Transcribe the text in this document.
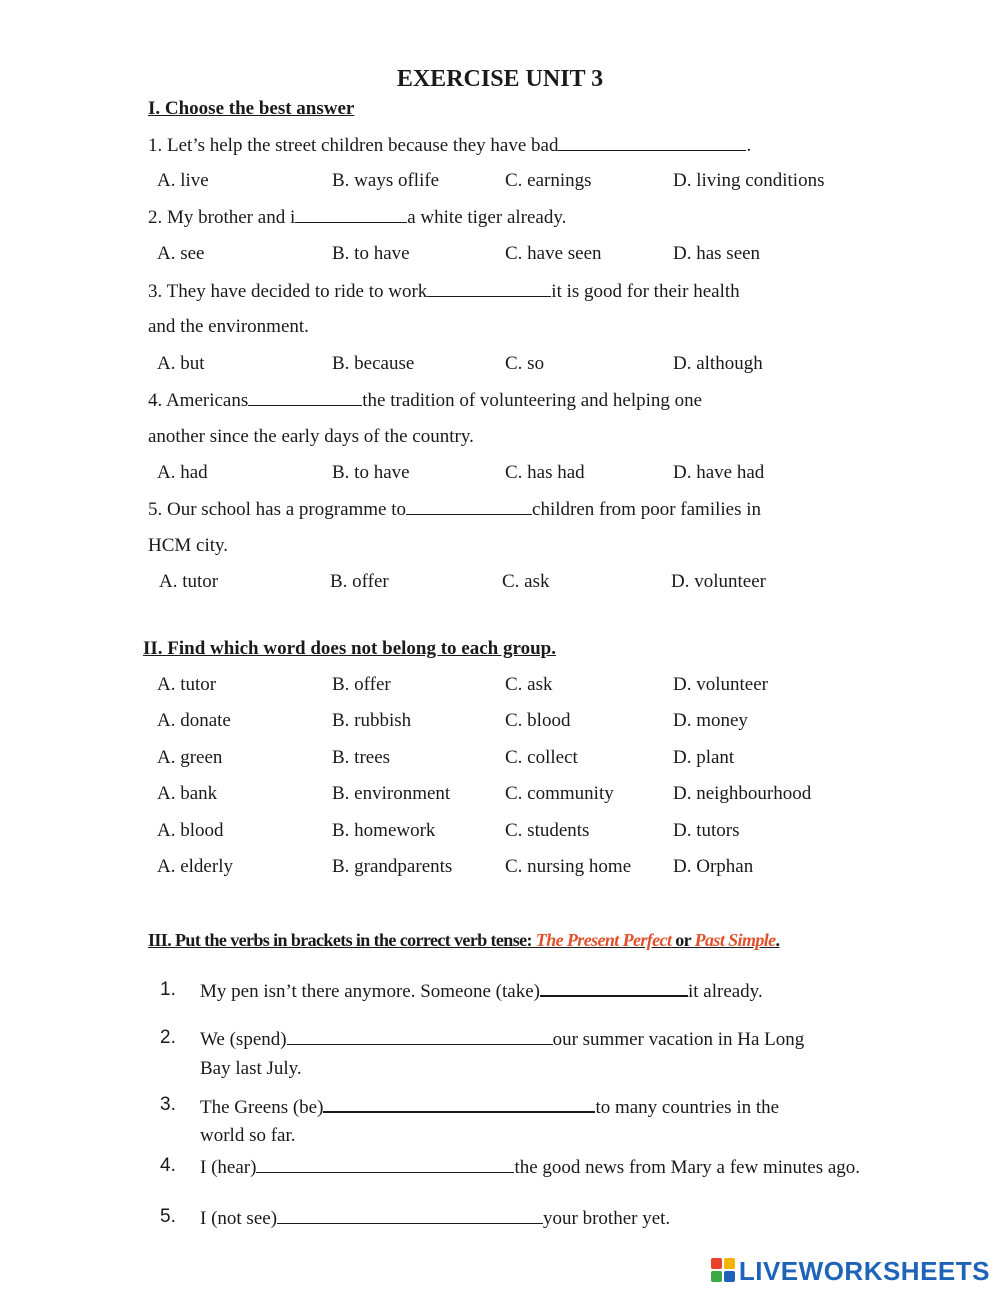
EXERCISE UNIT 3
I. Choose the best answer
1. Let’s help the street children because they have bad	.
A. live	B. ways oflife	C. earnings	D. living conditions
2. My brother and i	a white tiger already.
A. see	B. to have	C. have seen	D. has seen
3. They have decided to ride to work	it is good for their health
and the environment.
A. but	B. because	C. so	D. although
4. Americans	the tradition of volunteering and helping one
another since the early days of the country.
A. had	B. to have	C. has had	D. have had
5. Our school has a programme to	children from poor families in
HCM city.
A. tutor	B. offer	C. ask	D. volunteer
II. Find which word does not belong to each group.
A. tutor	B. offer	C. ask	D. volunteer
A. donate	B. rubbish	C. blood	D. money
A. green	B. trees	C. collect	D. plant
A. bank	B. environment	C. community	D. neighbourhood
A. blood	B. homework	C. students	D. tutors
A. elderly	B. grandparents	C. nursing home D. Orphan
III. Put the verbs in brackets in the correct verb tense: The Present Perfect or Past Simple.
1. My pen isn’t there anymore. Someone (take)	it already.
2. We (spend)	our summer vacation in Ha Long
Bay last July.
3. The Greens (be)	to many countries in the
world so far.
4. I (hear)	the good news from Mary a few minutes ago.
5. I (not see)	your brother yet.
LIVEWORKSHEETS
